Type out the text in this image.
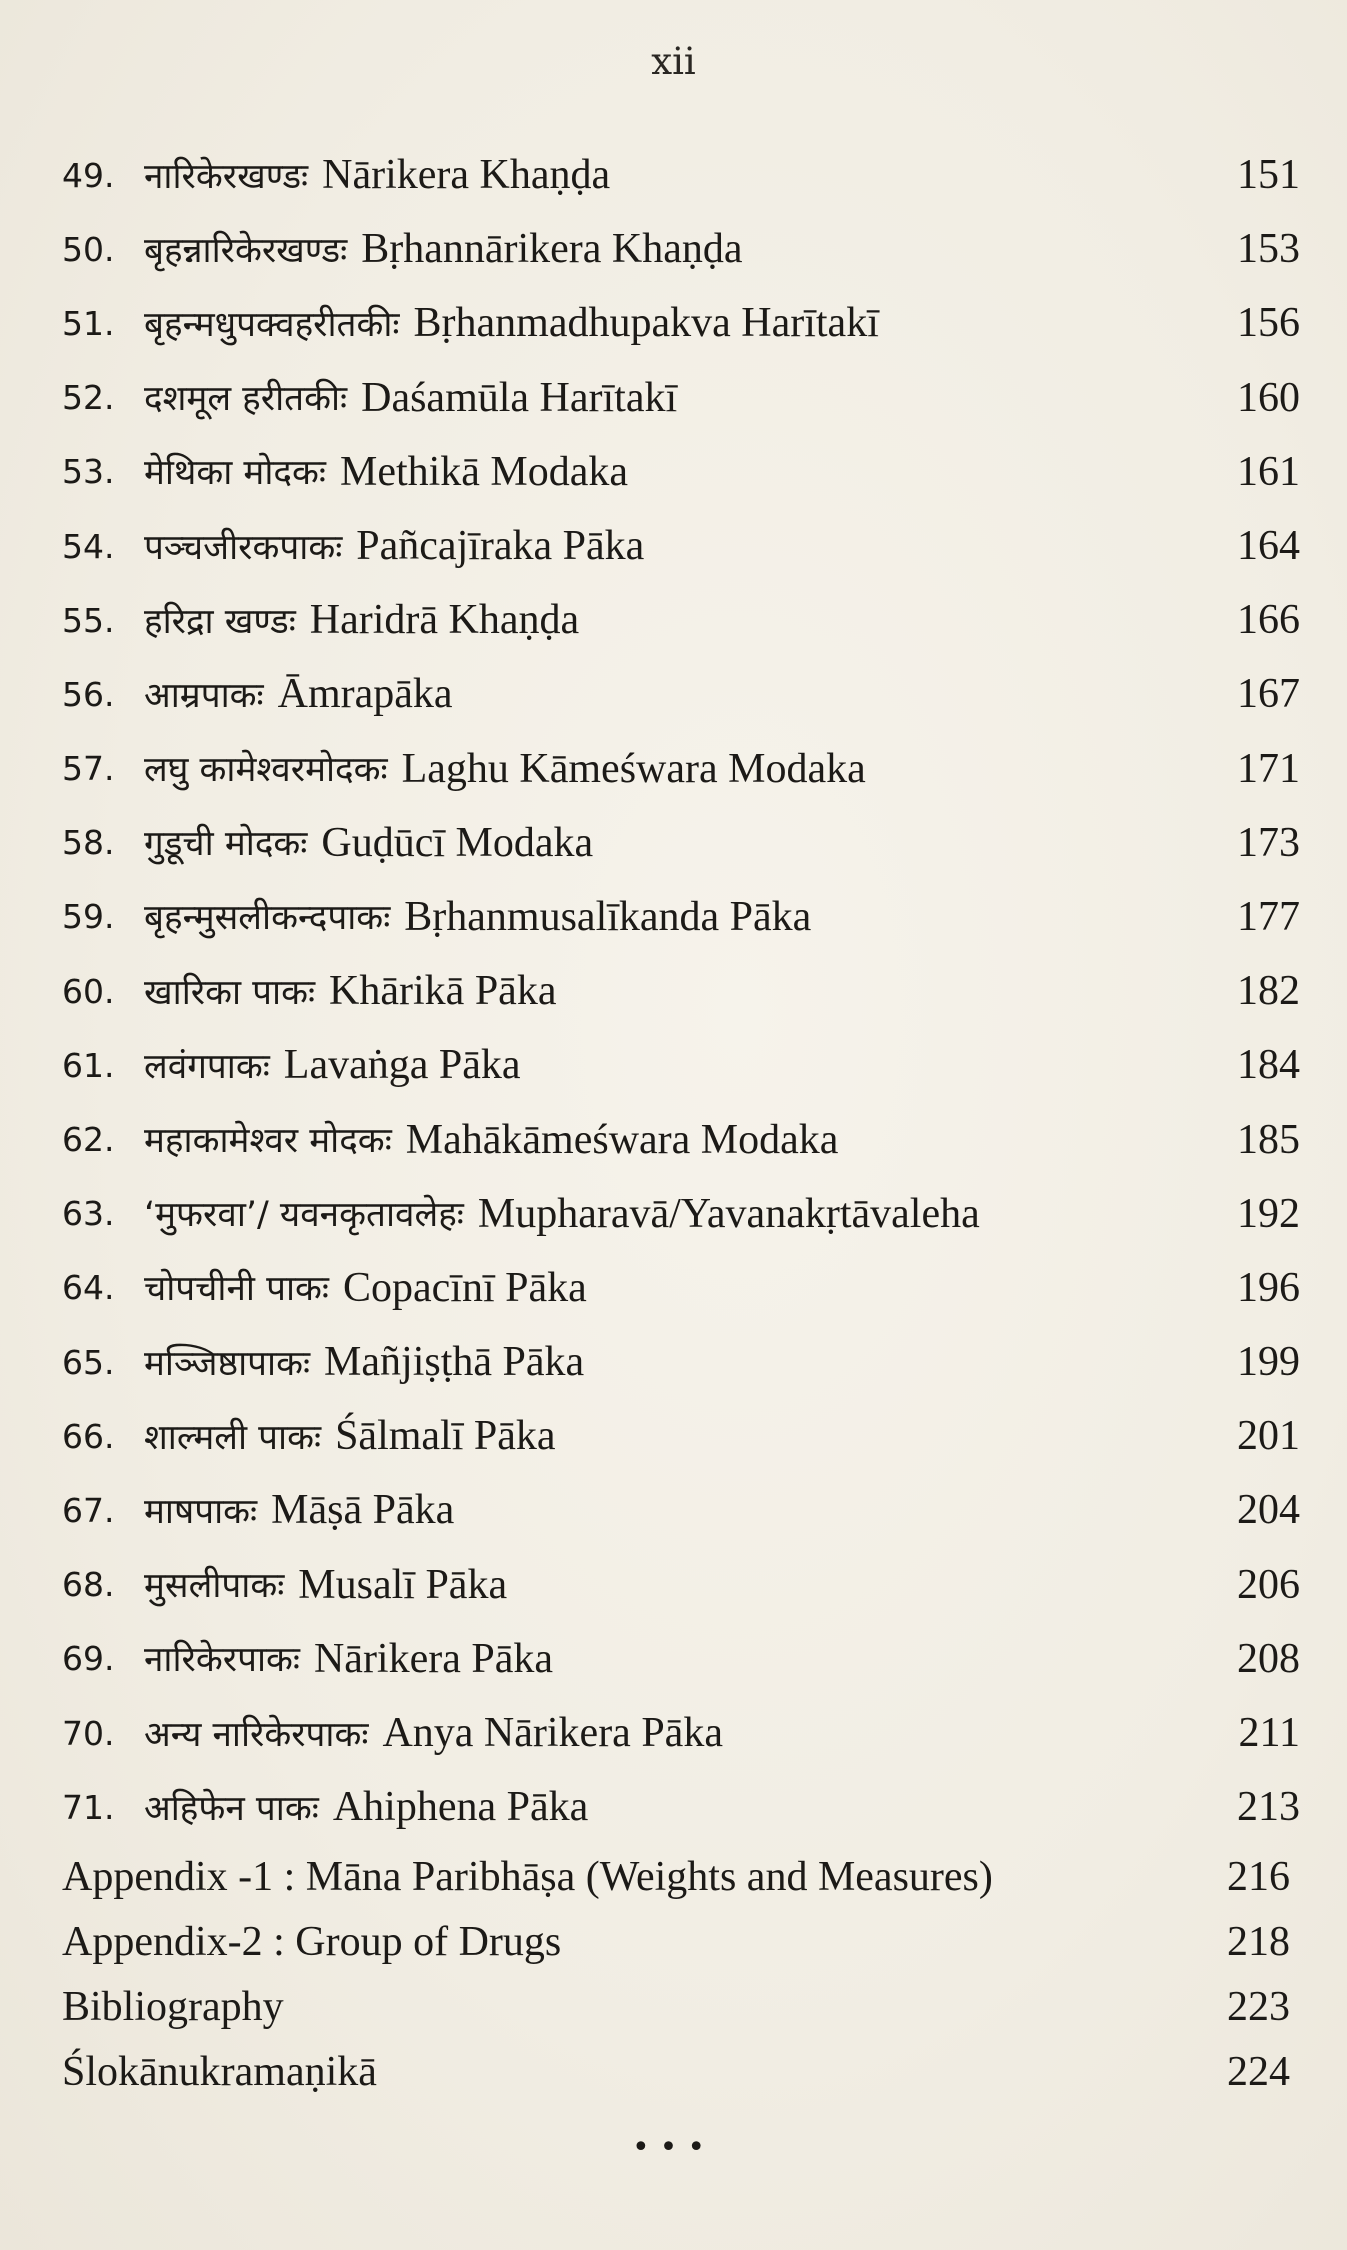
xii
49. नारिकेरखण्डः Nārikera Khaṇḍa	151
50. बृहन्नारिकेरखण्डः Bṛhannārikera Khaṇḍa	153
51. बृहन्मधुपक्वहरीतकीः Bṛhanmadhupakva Harītakī	156
52. दशमूल हरीतकीः Daśamūla Harītakī	160
53. मेथिका मोदकः Methikā Modaka	161
54. पञ्चजीरकपाकः Pañcajīraka Pāka	164
55. हरिद्रा खण्डः Haridrā Khaṇḍa	166
56. आम्रपाकः Āmrapāka	167
57. लघु कामेश्वरमोदकः Laghu Kāmeśwara Modaka	171
58. गुडूची मोदकः Guḍūcī Modaka	173
59. बृहन्मुसलीकन्दपाकः Bṛhanmusalīkanda Pāka	177
60. खारिका पाकः Khārikā Pāka	182
61. लवंगपाकः Lavaṅga Pāka	184
62. महाकामेश्वर मोदकः Mahākāmeśwara Modaka	185
63. ‘मुफरवा’/ यवनकृतावलेहः Mupharavā/Yavanakṛtāvaleha	192
64. चोपचीनी पाकः Copacīnī Pāka	196
65. मञ्जिष्ठापाकः Mañjiṣṭhā Pāka	199
66. शाल्मली पाकः Śālmalī Pāka	201
67. माषपाकः Māṣā Pāka	204
68. मुसलीपाकः Musalī Pāka	206
69. नारिकेरपाकः Nārikera Pāka	208
70. अन्य नारिकेरपाकः Anya Nārikera Pāka	211
71. अहिफेन पाकः Ahiphena Pāka	213
Appendix -1 : Māna Paribhāṣa (Weights and Measures)	216
Appendix-2 : Group of Drugs	218
Bibliography	223
Ślokānukramaṇikā	224
•••
